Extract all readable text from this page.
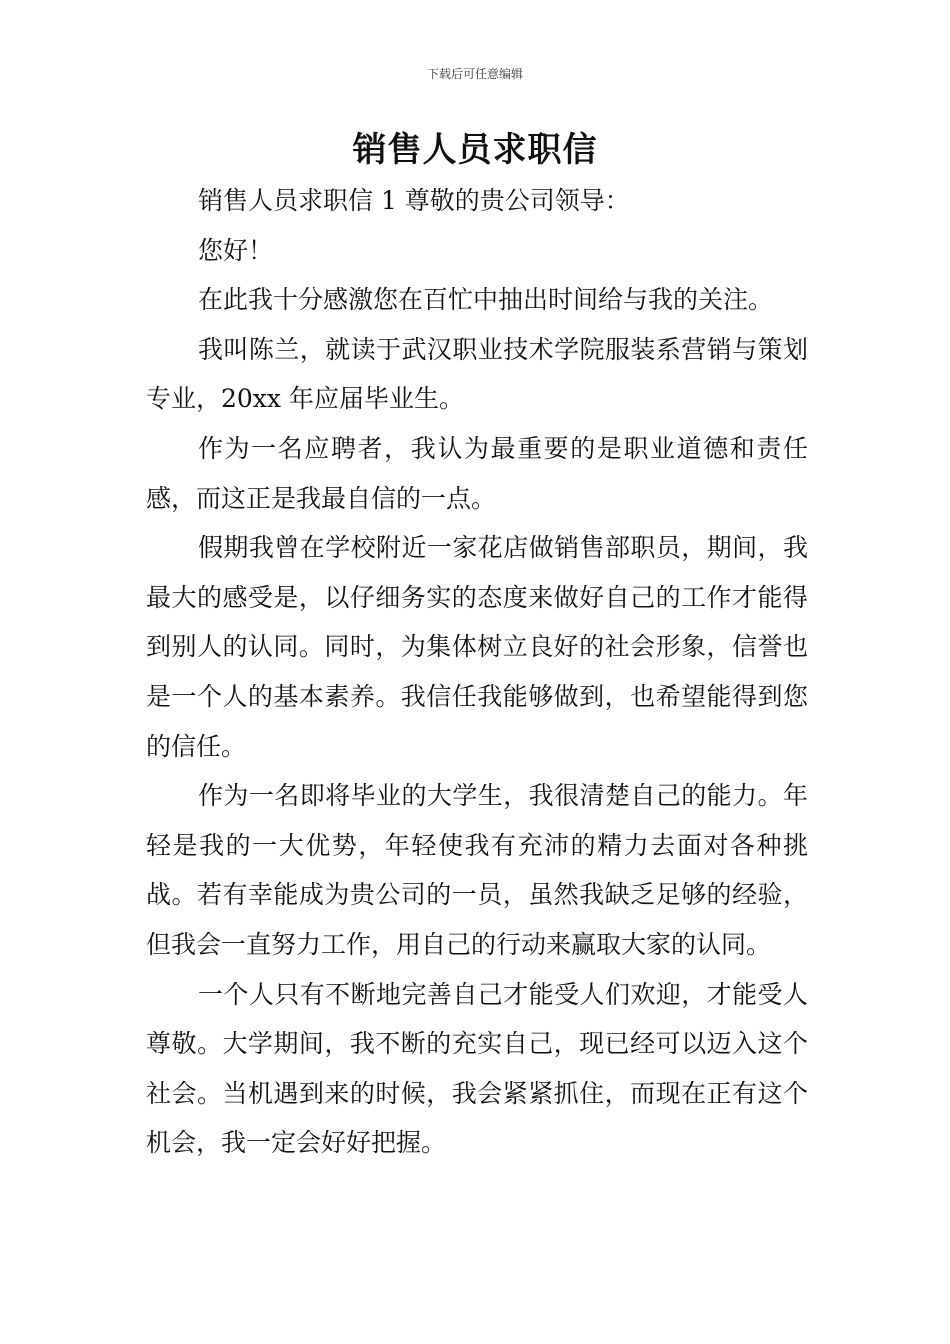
下载后可任意编辑
销售人员求职信

销售人员求职信 1 尊敬的贵公司领导：

您好！

在此我十分感激您在百忙中抽出时间给与我的关注。

我叫陈兰，就读于武汉职业技术学院服装系营销与策划专业，20xx 年应届毕业生。

作为一名应聘者，我认为最重要的是职业道德和责任感，而这正是我最自信的一点。

假期我曾在学校附近一家花店做销售部职员，期间，我最大的感受是，以仔细务实的态度来做好自己的工作才能得到别人的认同。同时，为集体树立良好的社会形象，信誉也是一个人的基本素养。我信任我能够做到，也希望能得到您的信任。

作为一名即将毕业的大学生，我很清楚自己的能力。年轻是我的一大优势，年轻使我有充沛的精力去面对各种挑战。若有幸能成为贵公司的一员，虽然我缺乏足够的经验，但我会一直努力工作，用自己的行动来赢取大家的认同。

一个人只有不断地完善自己才能受人们欢迎，才能受人尊敬。大学期间，我不断的充实自己，现已经可以迈入这个社会。当机遇到来的时候，我会紧紧抓住，而现在正有这个机会，我一定会好好把握。
